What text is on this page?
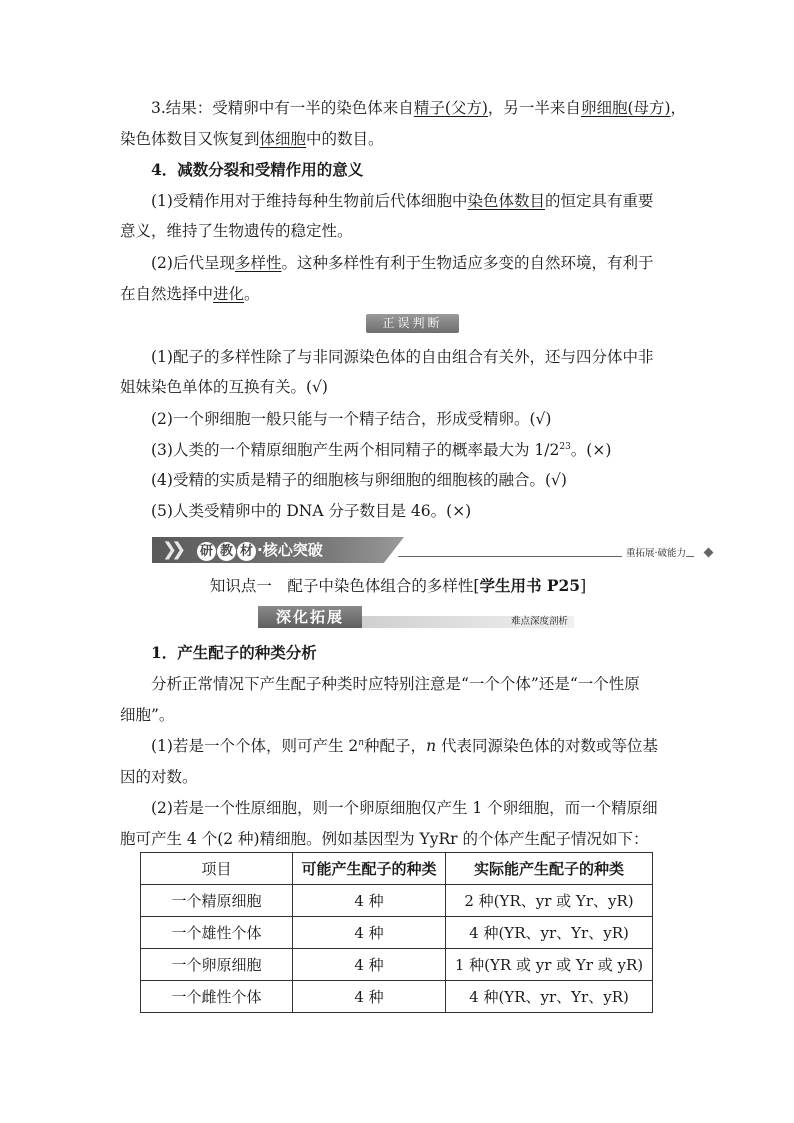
3.结果：受精卵中有一半的染色体来自精子(父方)，另一半来自卵细胞(母方)，

染色体数目又恢复到体细胞中的数目。

4．减数分裂和受精作用的意义

(1)受精作用对于维持每种生物前后代体细胞中染色体数目的恒定具有重要

意义，维持了生物遗传的稳定性。

(2)后代呈现多样性。这种多样性有利于生物适应多变的自然环境，有利于

在自然选择中进化。

正误判断

(1)配子的多样性除了与非同源染色体的自由组合有关外，还与四分体中非

姐妹染色单体的互换有关。(√)

(2)一个卵细胞一般只能与一个精子结合，形成受精卵。(√)

(3)人类的一个精原细胞产生两个相同精子的概率最大为 $1/2^{23}$。(×)

(4)受精的实质是精子的细胞核与卵细胞的细胞核的融合。(√)

(5)人类受精卵中的 DNA 分子数目是 46。(×)

❯❯ 研 教 材 ·核心突破	重拓展·破能力
知识点一　配子中染色体组合的多样性[学生用书 P25]
深化拓展	难点深度剖析

1．产生配子的种类分析

分析正常情况下产生配子种类时应特别注意是“一个个体”还是“一个性原

细胞”。

(1)若是一个个体，则可产生 2$^n$种配子，n 代表同源染色体的对数或等位基

因的对数。

(2)若是一个性原细胞，则一个卵原细胞仅产生 1 个卵细胞，而一个精原细

胞可产生 4 个(2 种)精细胞。例如基因型为 YyRr 的个体产生配子情况如下：

项目	可能产生配子的种类	实际能产生配子的种类
一个精原细胞	4 种	2 种(YR、yr 或 Yr、yR)
一个雄性个体	4 种	4 种(YR、yr、Yr、yR)
一个卵原细胞	4 种	1 种(YR 或 yr 或 Yr 或 yR)
一个雌性个体	4 种	4 种(YR、yr、Yr、yR)
